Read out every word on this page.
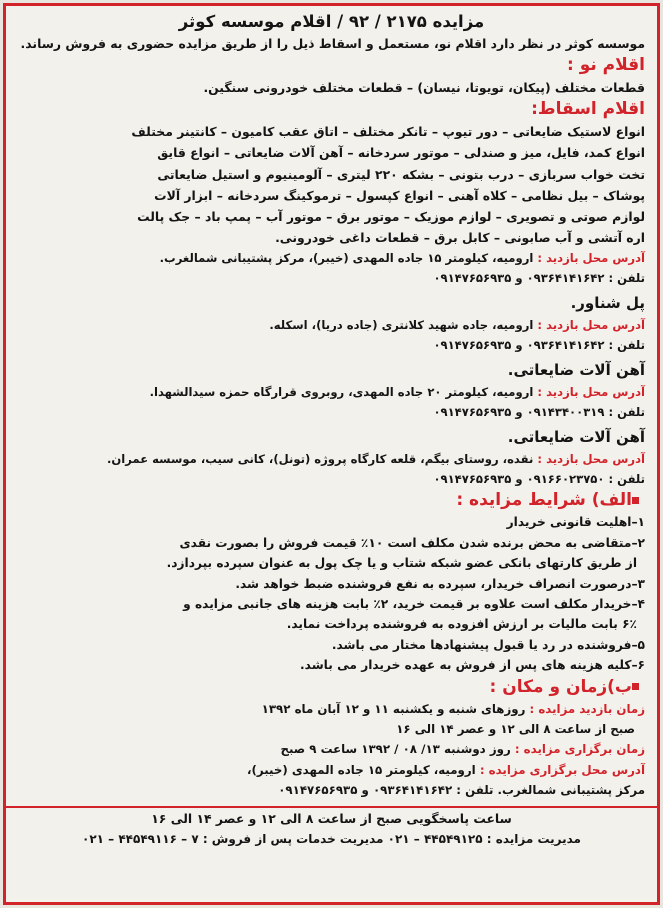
مزایده ۲۱۷۵ / ۹۲ / اقلام موسسه کوثر

موسسه کوثر در نظر دارد اقلام نو، مستعمل و اسقاط ذیل را از طریق مزایده حضوری به فروش رساند.

اقلام نو :

قطعات مختلف (پیکان، تویوتا، نیسان) – قطعات مختلف خودرونی سنگین.

اقلام اسقاط:
انواع لاستیک ضایعاتی – دور تیوپ – تانکر مختلف – اتاق عقب کامیون – کانتینر مختلف
انواع کمد، فایل، میز و صندلی – موتور سردخانه – آهن آلات ضایعاتی – انواع قایق
تخت خواب سربازی – درب بتونی – بشکه ۲۲۰ لیتری – آلومینیوم و استیل ضایعاتی
پوشاک – بیل نظامی – کلاه آهنی – انواع کپسول – ترموکینگ سردخانه – ابزار آلات
لوازم صوتی و تصویری – لوازم موزیک – موتور برق – موتور آب – پمپ باد – جک پالت
اره آتشی و آب صابونی – کابل برق – قطعات داغی خودرونی.
آدرس محل بازدید : ارومیه، کیلومتر ۱۵ جاده المهدی (خیبر)، مرکز پشتیبانی شمالغرب.
تلفن : ۰۹۳۶۴۱۴۱۶۴۲ و ۰۹۱۴۷۶۵۶۹۳۵
پل شناور.
آدرس محل بازدید : ارومیه، جاده شهید کلانتری (جاده دریا)، اسکله.
تلفن : ۰۹۳۶۴۱۴۱۶۴۲ و ۰۹۱۴۷۶۵۶۹۳۵
آهن آلات ضایعاتی.
آدرس محل بازدید : ارومیه، کیلومتر ۲۰ جاده المهدی، روبروی قرارگاه حمزه سیدالشهدا.
تلفن : ۰۹۱۴۳۴۰۰۳۱۹ و ۰۹۱۴۷۶۵۶۹۳۵
آهن آلات ضایعاتی.
آدرس محل بازدید : نقده، روستای بیگم، قلعه کارگاه پروژه (تونل)، کانی سیب، موسسه عمران.
تلفن : ۰۹۱۶۶۰۲۳۷۵۰ و ۰۹۱۴۷۶۵۶۹۳۵
الف) شرایط مزایده :
۱–اهلیت قانونی خریدار
۲–متقاضی به محض برنده شدن مکلف است ۱۰٪ قیمت فروش را بصورت نقدی
از طریق کارتهای بانکی عضو شبکه شتاب و یا چک پول به عنوان سپرده بپردازد.
۳–درصورت انصراف خریدار، سپرده به نفع فروشنده ضبط خواهد شد.
۴–خریدار مکلف است علاوه بر قیمت خرید، ۲٪ بابت هزینه های جانبی مزایده و
۶٪ بابت مالیات بر ارزش افزوده به فروشنده پرداخت نماید.
۵–فروشنده در رد یا قبول پیشنهادها مختار می باشد.
۶–کلیه هزینه های پس از فروش به عهده خریدار می باشد.
ب)زمان و مکان :
زمان بازدید مزایده : روزهای شنبه و یکشنبه ۱۱ و ۱۲ آبان ماه ۱۳۹۲
صبح از ساعت ۸ الی ۱۲ و عصر ۱۴ الی ۱۶
زمان برگزاری مزایده : روز دوشنبه ۱۳/ ۰۸ / ۱۳۹۲ ساعت ۹ صبح
آدرس محل برگزاری مزایده : ارومیه، کیلومتر ۱۵ جاده المهدی (خیبر)،
مرکز پشتیبانی شمالغرب. تلفن : ۰۹۳۶۴۱۴۱۶۴۲ و ۰۹۱۴۷۶۵۶۹۳۵
ساعت پاسخگویی صبح از ساعت ۸ الی ۱۲ و عصر ۱۴ الی ۱۶
مدیریت مزایده : ۴۴۵۴۹۱۲۵ – ۰۲۱ مدیریت خدمات پس از فروش : ۷ – ۴۴۵۴۹۱۱۶ – ۰۲۱
